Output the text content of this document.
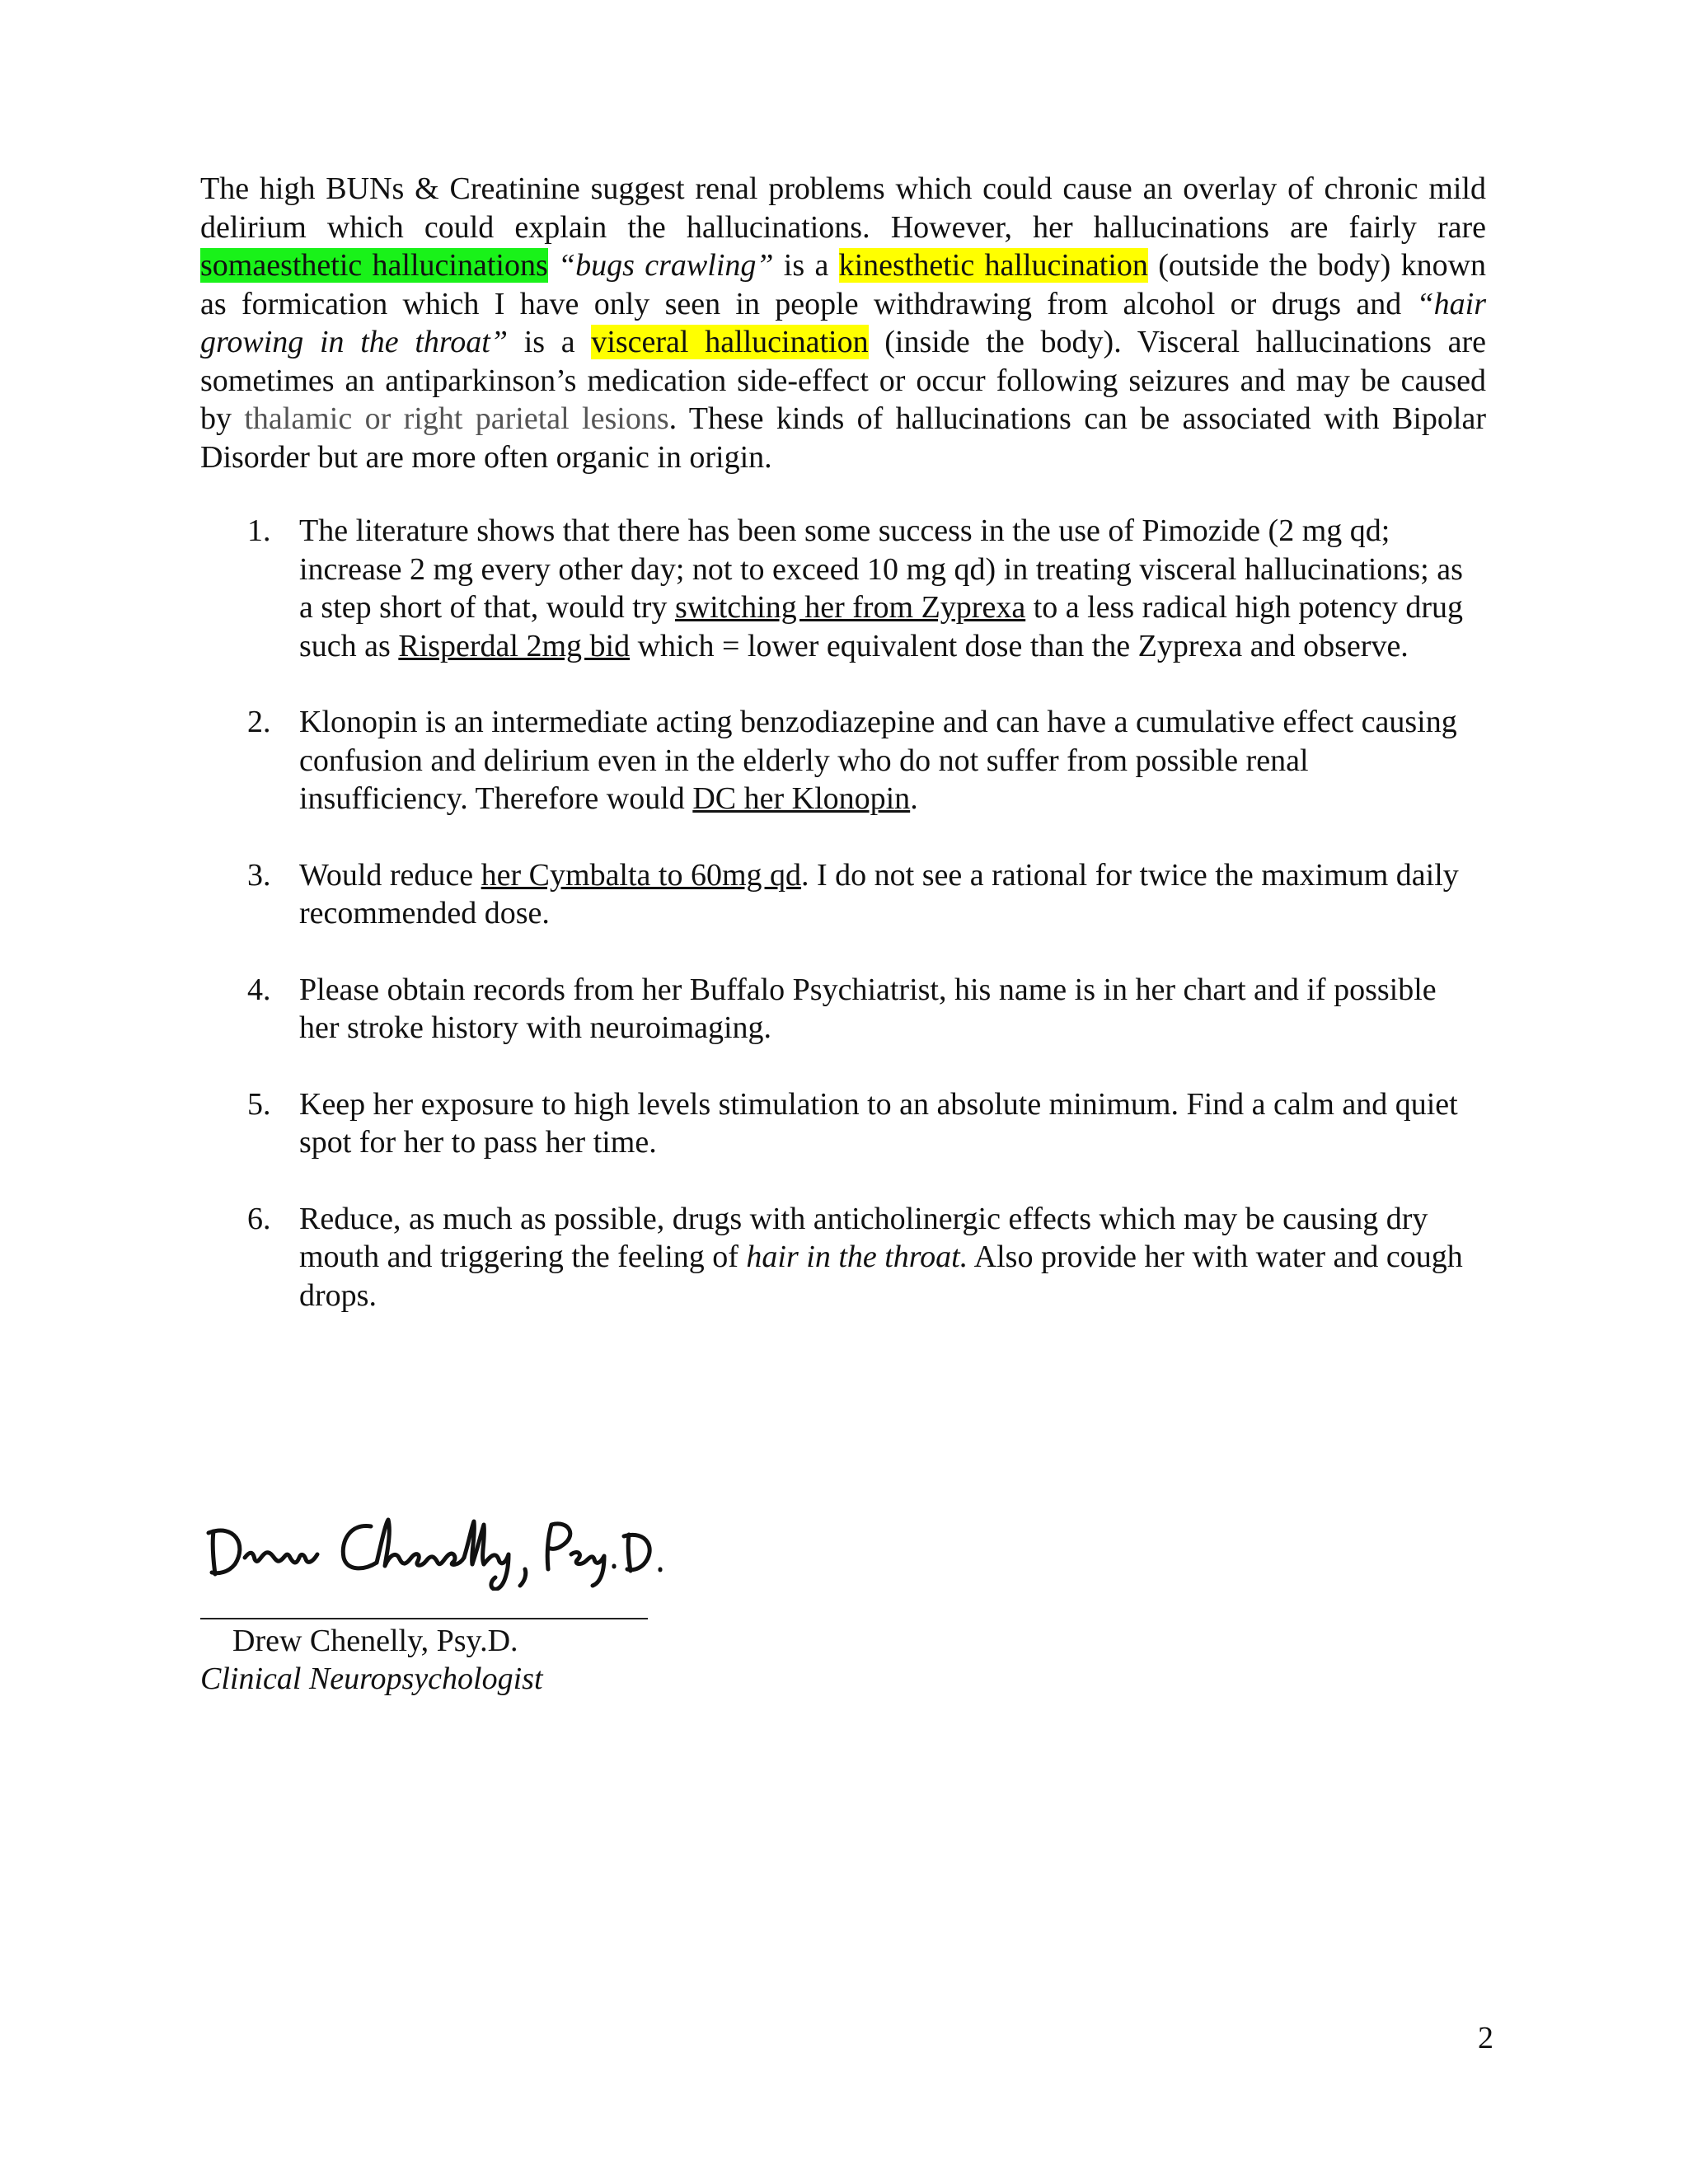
The high BUNs & Creatinine suggest renal problems which could cause an overlay of chronic mild delirium which could explain the hallucinations. However, her hallucinations are fairly rare somaesthetic hallucinations “bugs crawling” is a kinesthetic hallucination (outside the body) known as formication which I have only seen in people withdrawing from alcohol or drugs and “hair growing in the throat” is a visceral hallucination (inside the body). Visceral hallucinations are sometimes an antiparkinson’s medication side-effect or occur following seizures and may be caused by thalamic or right parietal lesions. These kinds of hallucinations can be associated with Bipolar Disorder but are more often organic in origin.

1. The literature shows that there has been some success in the use of Pimozide (2 mg qd; increase 2 mg every other day; not to exceed 10 mg qd) in treating visceral hallucinations; as a step short of that, would try switching her from Zyprexa to a less radical high potency drug such as Risperdal 2mg bid which = lower equivalent dose than the Zyprexa and observe.
2. Klonopin is an intermediate acting benzodiazepine and can have a cumulative effect causing confusion and delirium even in the elderly who do not suffer from possible renal insufficiency. Therefore would DC her Klonopin.
3. Would reduce her Cymbalta to 60mg qd. I do not see a rational for twice the maximum daily recommended dose.
4. Please obtain records from her Buffalo Psychiatrist, his name is in her chart and if possible her stroke history with neuroimaging.
5. Keep her exposure to high levels stimulation to an absolute minimum. Find a calm and quiet spot for her to pass her time.
6. Reduce, as much as possible, drugs with anticholinergic effects which may be causing dry mouth and triggering the feeling of hair in the throat. Also provide her with water and cough drops.
Drew Chenelly, Psy.D.
Clinical Neuropsychologist
2
